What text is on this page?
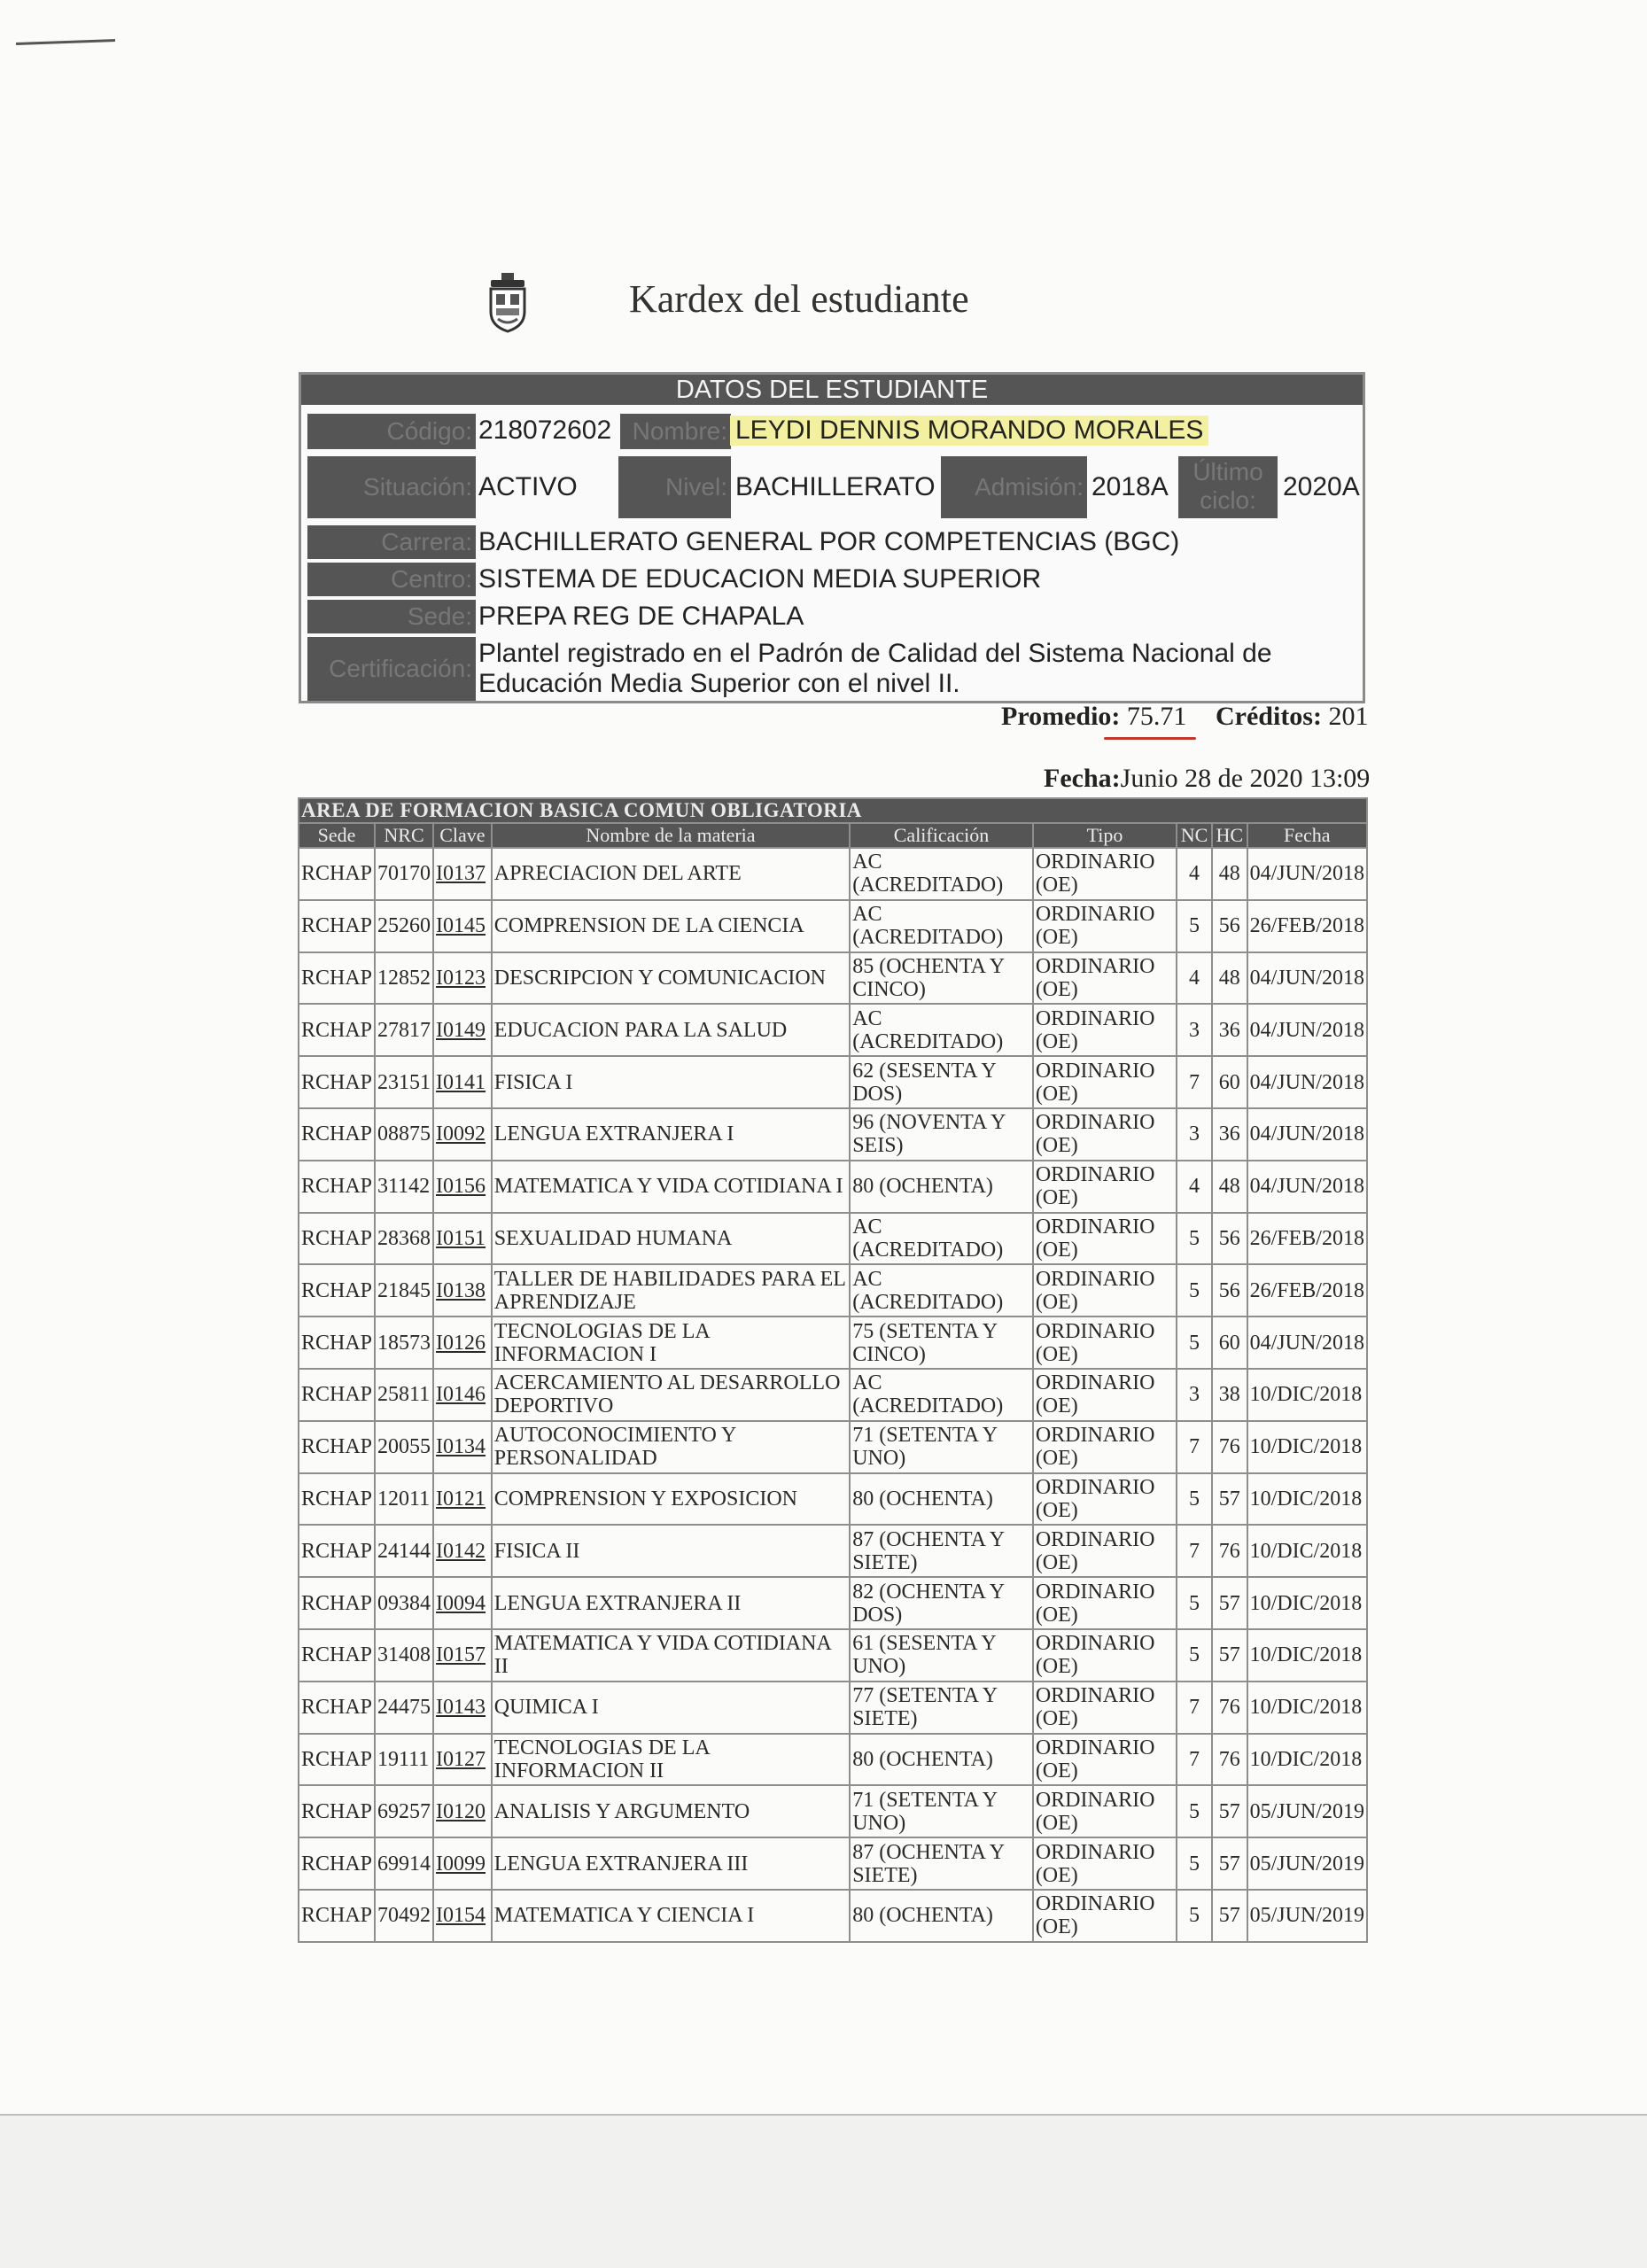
Kardex del estudiante
DATOS DEL ESTUDIANTE
Código: 218072602 Nombre: LEYDI DENNIS MORANDO MORALES
Situación: ACTIVO	Nivel: BACHILLERATO	Admisión: 2018A
Último ciclo:	2020A
Carrera: BACHILLERATO GENERAL POR COMPETENCIAS (BGC)
Centro: SISTEMA DE EDUCACION MEDIA SUPERIOR
Sede: PREPA REG DE CHAPALA
Certificación:
Plantel registrado en el Padrón de Calidad del Sistema Nacional de
Educación Media Superior con el nivel II.
Promedio: 75.71 Créditos: 201
Fecha:Junio 28 de 2020 13:09
AREA DE FORMACION BASICA COMUN OBLIGATORIA								
Sede	NRC	Clave	Nombre de la materia	Calificación	Tipo	NC	HC	Fecha
RCHAP	70170	I0137	APRECIACION DEL ARTE	AC (ACREDITADO)	ORDINARIO (OE)	4	48	04/JUN/2018
RCHAP	25260	I0145	COMPRENSION DE LA CIENCIA	AC (ACREDITADO)	ORDINARIO (OE)	5	56	26/FEB/2018
RCHAP	12852	I0123	DESCRIPCION Y COMUNICACION	85 (OCHENTA Y CINCO)	ORDINARIO (OE)	4	48	04/JUN/2018
RCHAP	27817	I0149	EDUCACION PARA LA SALUD	AC (ACREDITADO)	ORDINARIO (OE)	3	36	04/JUN/2018
RCHAP	23151	I0141	FISICA I	62 (SESENTA Y DOS)	ORDINARIO (OE)	7	60	04/JUN/2018
RCHAP	08875	I0092	LENGUA EXTRANJERA I	96 (NOVENTA Y SEIS)	ORDINARIO (OE)	3	36	04/JUN/2018
RCHAP	31142	I0156	MATEMATICA Y VIDA COTIDIANA I	80 (OCHENTA)	ORDINARIO (OE)	4	48	04/JUN/2018
RCHAP	28368	I0151	SEXUALIDAD HUMANA	AC (ACREDITADO)	ORDINARIO (OE)	5	56	26/FEB/2018
RCHAP	21845	I0138	TALLER DE HABILIDADES PARA EL APRENDIZAJE	AC (ACREDITADO)	ORDINARIO (OE)	5	56	26/FEB/2018
RCHAP	18573	I0126	TECNOLOGIAS DE LA INFORMACION I	75 (SETENTA Y CINCO)	ORDINARIO (OE)	5	60	04/JUN/2018
RCHAP	25811	I0146	ACERCAMIENTO AL DESARROLLO DEPORTIVO	AC (ACREDITADO)	ORDINARIO (OE)	3	38	10/DIC/2018
RCHAP	20055	I0134	AUTOCONOCIMIENTO Y PERSONALIDAD	71 (SETENTA Y UNO)	ORDINARIO (OE)	7	76	10/DIC/2018
RCHAP	12011	I0121	COMPRENSION Y EXPOSICION	80 (OCHENTA)	ORDINARIO (OE)	5	57	10/DIC/2018
RCHAP	24144	I0142	FISICA II	87 (OCHENTA Y SIETE)	ORDINARIO (OE)	7	76	10/DIC/2018
RCHAP	09384	I0094	LENGUA EXTRANJERA II	82 (OCHENTA Y DOS)	ORDINARIO (OE)	5	57	10/DIC/2018
RCHAP	31408	I0157	MATEMATICA Y VIDA COTIDIANA II	61 (SESENTA Y UNO)	ORDINARIO (OE)	5	57	10/DIC/2018
RCHAP	24475	I0143	QUIMICA I	77 (SETENTA Y SIETE)	ORDINARIO (OE)	7	76	10/DIC/2018
RCHAP	19111	I0127	TECNOLOGIAS DE LA INFORMACION II	80 (OCHENTA)	ORDINARIO (OE)	7	76	10/DIC/2018
RCHAP	69257	I0120	ANALISIS Y ARGUMENTO	71 (SETENTA Y UNO)	ORDINARIO (OE)	5	57	05/JUN/2019
RCHAP	69914	I0099	LENGUA EXTRANJERA III	87 (OCHENTA Y SIETE)	ORDINARIO (OE)	5	57	05/JUN/2019
RCHAP	70492	I0154	MATEMATICA Y CIENCIA I	80 (OCHENTA)	ORDINARIO (OE)	5	57	05/JUN/2019
